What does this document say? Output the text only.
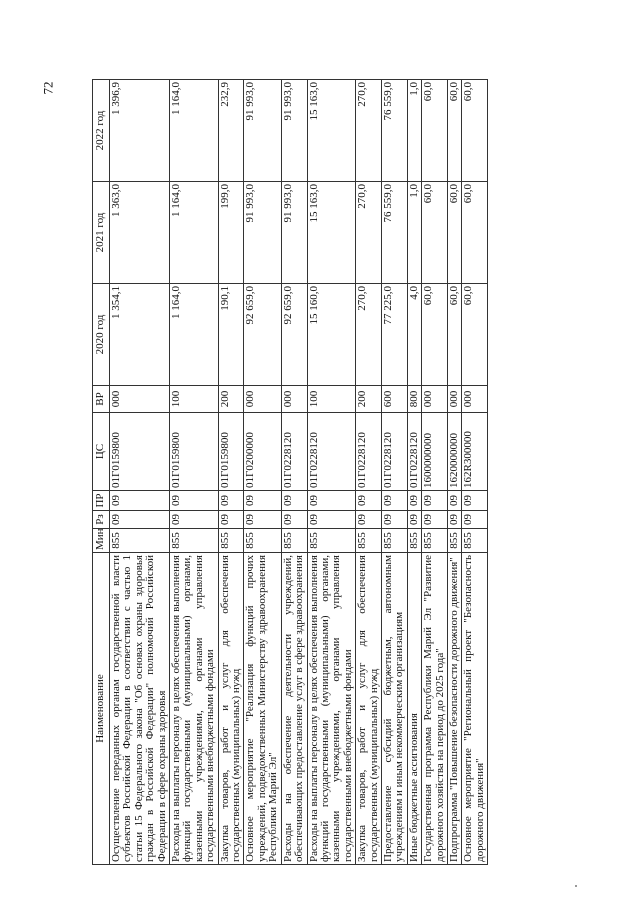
72
Наименование	Мин	Рз	ПР	ЦС	ВР	2020 год	2021 год	2022 год
Осуществление переданных органам государственной власти субъектов Российской Федерации в соответствии с частью 1 статьи 15 Федерального закона "Об основах охраны здоровья граждан в Российской Федерации" полномочий Российской Федерации в сфере охраны здоровья	855	09	09	01Г0159800	000	1 354,1	1 363,0	1 396,9
Расходы на выплаты персоналу в целях обеспечения выполнения функций государственными (муниципальными) органами, казенными учреждениями, органами управления государственными внебюджетными фондами	855	09	09	01Г0159800	100	1 164,0	1 164,0	1 164,0
Закупка товаров, работ и услуг для обеспечения государственных (муниципальных) нужд	855	09	09	01Г0159800	200	190,1	199,0	232,9
Основное мероприятие "Реализация функций прочих учреждений, подведомственных Министерству здравоохранения Республики Марий Эл"	855	09	09	01Г0200000	000	92 659,0	91 993,0	91 993,0
Расходы на обеспечение деятельности учреждений, обеспечивающих предоставление услуг в сфере здравоохранения	855	09	09	01Г0228120	000	92 659,0	91 993,0	91 993,0
Расходы на выплаты персоналу в целях обеспечения выполнения функций государственными (муниципальными) органами, казенными учреждениями, органами управления государственными внебюджетными фондами	855	09	09	01Г0228120	100	15 160,0	15 163,0	15 163,0
Закупка товаров, работ и услуг для обеспечения государственных (муниципальных) нужд	855	09	09	01Г0228120	200	270,0	270,0	270,0
Предоставление субсидий бюджетным, автономным учреждениям и иным некоммерческим организациям	855	09	09	01Г0228120	600	77 225,0	76 559,0	76 559,0
Иные бюджетные ассигнования	855	09	09	01Г0228120	800	4,0	1,0	1,0
Государственная программа Республики Марий Эл "Развитие дорожного хозяйства на период до 2025 года"	855	09	09	1600000000	000	60,0	60,0	60,0
Подпрограмма "Повышение безопасности дорожного движения"	855	09	09	1620000000	000	60,0	60,0	60,0
Основное мероприятие "Региональный проект "Безопасность дорожного движения"	855	09	09	162R300000	000	60,0	60,0	60,0
